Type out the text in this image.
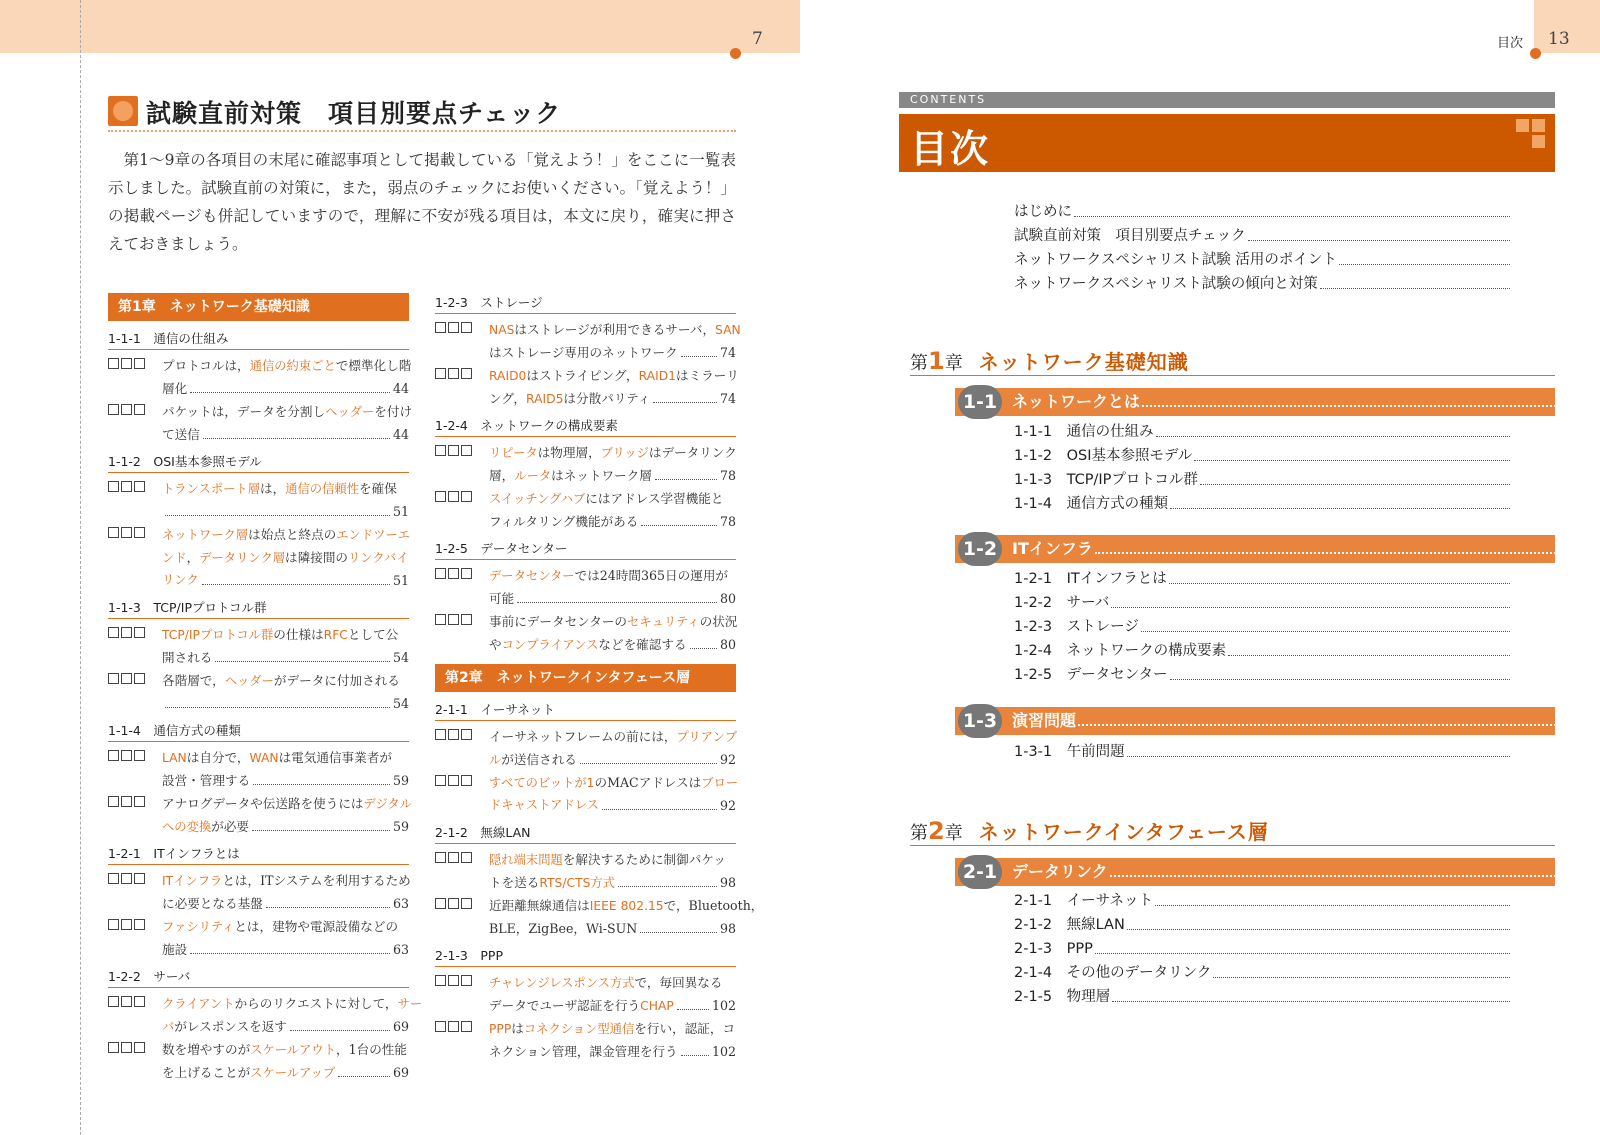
7
試験直前対策　項目別要点チェック

第1～9章の各項目の末尾に確認事項として掲載している「覚えよう！」をここに一覧表示しました。試験直前の対策に，また，弱点のチェックにお使いください。「覚えよう！」の掲載ページも併記していますので，理解に不安が残る項目は，本文に戻り，確実に押さえておきましょう。

第1章　ネットワーク基礎知識
1-1-1　通信の仕組み
プロトコルは，通信の約束ごとで標準化し階
層化	44
パケットは，データを分割しヘッダーを付け
て送信	44
1-1-2　OSI基本参照モデル
トランスポート層は，通信の信頼性を確保
51
ネットワーク層は始点と終点のエンドツーエ
ンド，データリンク層は隣接間のリンクバイ
リンク	51
1-1-3　TCP/IPプロトコル群
TCP/IPプロトコル群の仕様はRFCとして公
開される	54
各階層で，ヘッダーがデータに付加される
54
1-1-4　通信方式の種類
LANは自分で，WANは電気通信事業者が
設営・管理する	59
アナログデータや伝送路を使うにはデジタル
への変換が必要	59
1-2-1　ITインフラとは
ITインフラとは，ITシステムを利用するため
に必要となる基盤	63
ファシリティとは，建物や電源設備などの
施設	63
1-2-2　サーバ
クライアントからのリクエストに対して，サー
バがレスポンスを返す	69
数を増やすのがスケールアウト，1台の性能
を上げることがスケールアップ	69
1-2-3　ストレージ
NASはストレージが利用できるサーバ，SAN
はストレージ専用のネットワーク	74
RAID0はストライピング，RAID1はミラーリ
ング，RAID5は分散パリティ	74
1-2-4　ネットワークの構成要素
リピータは物理層，ブリッジはデータリンク
層，ルータはネットワーク層	78
スイッチングハブにはアドレス学習機能と
フィルタリング機能がある	78
1-2-5　データセンター
データセンターでは24時間365日の運用が
可能	80
事前にデータセンターのセキュリティの状況
やコンプライアンスなどを確認する	80
第2章　ネットワークインタフェース層
2-1-1　イーサネット
イーサネットフレームの前には，プリアンブ
ルが送信される	92
すべてのビットが1のMACアドレスはブロー
ドキャストアドレス	92
2-1-2　無線LAN
隠れ端末問題を解決するために制御パケッ
トを送るRTS/CTS方式	98
近距離無線通信はIEEE 802.15で，Bluetooth，
BLE，ZigBee，Wi-SUN	98
2-1-3　PPP
チャレンジレスポンス方式で，毎回異なる
データでユーザ認証を行うCHAP	102
PPPはコネクション型通信を行い，認証，コ
ネクション管理，課金管理を行う	102
目次 13
CONTENTS
目次
はじめに
試験直前対策　項目別要点チェック
ネットワークスペシャリスト試験 活用のポイント
ネットワークスペシャリスト試験の傾向と対策
第1章 ネットワーク基礎知識
1-1 ネットワークとは
1-1-1　通信の仕組み
1-1-2　OSI基本参照モデル
1-1-3　TCP/IPプロトコル群
1-1-4　通信方式の種類
1-2 ITインフラ
1-2-1　ITインフラとは
1-2-2　サーバ
1-2-3　ストレージ
1-2-4　ネットワークの構成要素
1-2-5　データセンター
1-3 演習問題
1-3-1　午前問題
第2章 ネットワークインタフェース層
2-1 データリンク
2-1-1　イーサネット
2-1-2　無線LAN
2-1-3　PPP
2-1-4　その他のデータリンク
2-1-5　物理層
